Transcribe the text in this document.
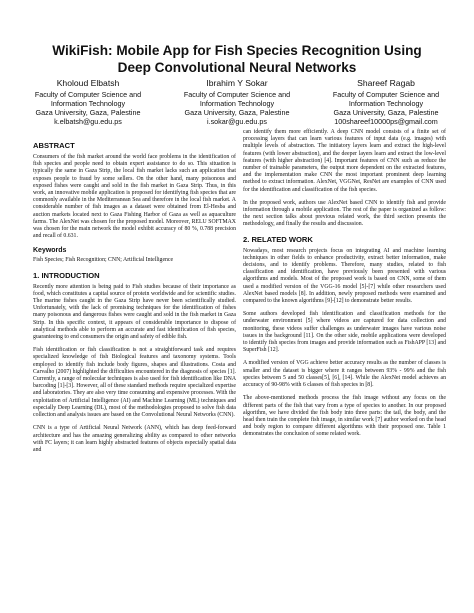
WikiFish: Mobile App for Fish Species Recognition Using
Deep Convolutional Neural Networks
Kholoud Elbatsh
Faculty of Computer Science and
Information Technology
Gaza University, Gaza, Palestine
k.elbatsh@gu.edu.ps
Ibrahim Y Sokar
Faculty of Computer Science and
Information Technology
Gaza University, Gaza, Palestine
i.sokar@gu.edu.ps
Shareef Ragab
Faculty of Computer Science and
Information Technology
Gaza University, Gaza, Palestine
100shareef10000ps@gmail.com
ABSTRACT

Consumers of the fish market around the world face problems in the identification of fish species and people need to obtain expert assistance to do so. This situation is typically the same in Gaza Strip, the local fish market lacks such an application that exposes people to fraud by some sellers. On the other hand, many poisonous and exposed fishes were caught and sold in the fish market in Gaza Strip. Thus, in this work, an innovative mobile application is proposed for identifying fish species that are commonly available in the Mediterranean Sea and therefore in the local fish market. A considerable number of fish images as a dataset were obtained from El-Hesba and auction markets located next to Gaza Fishing Harbor of Gaza as well as aquaculture farms. The AlexNet was chosen for the proposed model. Moreover, RELU SOFTMAX was chosen for the main network the model exhibit accuracy of 80 %, 0.788 precision and recall of 0.631.

Keywords

Fish Species; Fish Recognition; CNN; Artificial Intelligence

1. INTRODUCTION

Recently more attention is being paid to Fish studies because of their importance as food, which constitutes a capital source of protein worldwide and for scientific studies. The marine fishes caught in the Gaza Strip have never been scientifically studied. Unfortunately, with the lack of promising techniques for the identification of fishes many poisonous and dangerous fishes were caught and sold in the fish market in Gaza Strip. In this specific context, it appears of considerable importance to dispose of analytical methods able to perform an accurate and fast identification of fish species, guaranteeing to end consumers the origin and safety of edible fish.

Fish identification or fish classification is not a straightforward task and requires specialized knowledge of fish Biological features and taxonomy systems. Tools employed to identify fish include body figures, shapes and illustrations. Costa and Carvalho (2007) highlighted the difficulties encountered in the diagnosis of species [1]. Currently, a range of molecular techniques is also used for fish identification like DNA barcoding [1]-[3]. However, all of these standard methods require specialized expertise and laboratories. They are also very time consuming and expensive processes. With the exploitation of Artificial Intelligence (AI) and Machine Learning (ML) techniques and especially Deep Learning (DL), most of the methodologies proposed to solve fish data collection and analysis issues are based on the Convolutional Neural Networks (CNN).

CNN is a type of Artificial Neural Network (ANN), which has deep feed-forward architecture and has the amazing generalizing ability as compared to other networks with FC layers; it can learn highly abstracted features of objects especially spatial data and

can identify them more efficiently. A deep CNN model consists of a finite set of processing layers that can learn various features of input data (e.g. images) with multiple levels of abstraction. The initiatory layers learn and extract the high-level features (with lower abstraction), and the deeper layers learn and extract the low-level features (with higher abstraction) [4]. Important features of CNN such as reduce the number of trainable parameters, the output more dependent on the extracted features, and the implementation make CNN the most important prominent deep learning method to extract information. AlexNet, VGGNet, ResNet are examples of CNN used for the identification and classification of the fish species.

In the proposed work, authors use AlexNet based CNN to identify fish and provide information through a mobile application. The rest of the paper is organized as follow: the next section talks about previous related work, the third section presents the methodology, and finally the results and discussion.

2. RELATED WORK

Nowadays, most research projects focus on integrating AI and machine learning techniques in other fields to enhance productivity, extract better information, make decisions, and to identify problems. Therefore, many studies, related to fish classification and identification, have previously been presented with various algorithms and models. Most of the proposed work is based on CNN, some of them used a modified version of the VGG-16 model [5]-[7] while other researchers used AlexNet based models [8]. In addition, newly proposed methods were examined and compared to the known algorithms [9]-[12] to demonstrate better results.

Some authors developed fish identification and classification methods for the underwater environment [5] where videos are captured for data collection and monitoring, these videos suffer challenges as underwater images have various noise issues in the background [11]. On the other side, mobile applications were developed to identify fish species from images and provide information such as FishAPP [13] and SuperFish [12].

A modified version of VGG achieve better accuracy results as the number of classes is smaller and the dataset is bigger where it ranges between 93% - 99% and the fish species between 5 and 50 classes[5], [6], [14]. While the AlexNet model achieves an accuracy of 90-98% with 6 classes of fish species in [8].

The above-mentioned methods process the fish image without any focus on the different parts of the fish that vary from a type of species to another. In our proposed algorithm, we have divided the fish body into three parts: the tail, the body, and the head then train the complete fish image, in similar work [7] author worked on the head and body region to compare different algorithms with their proposed one. Table 1 demonstrates the conclusion of some related work.
